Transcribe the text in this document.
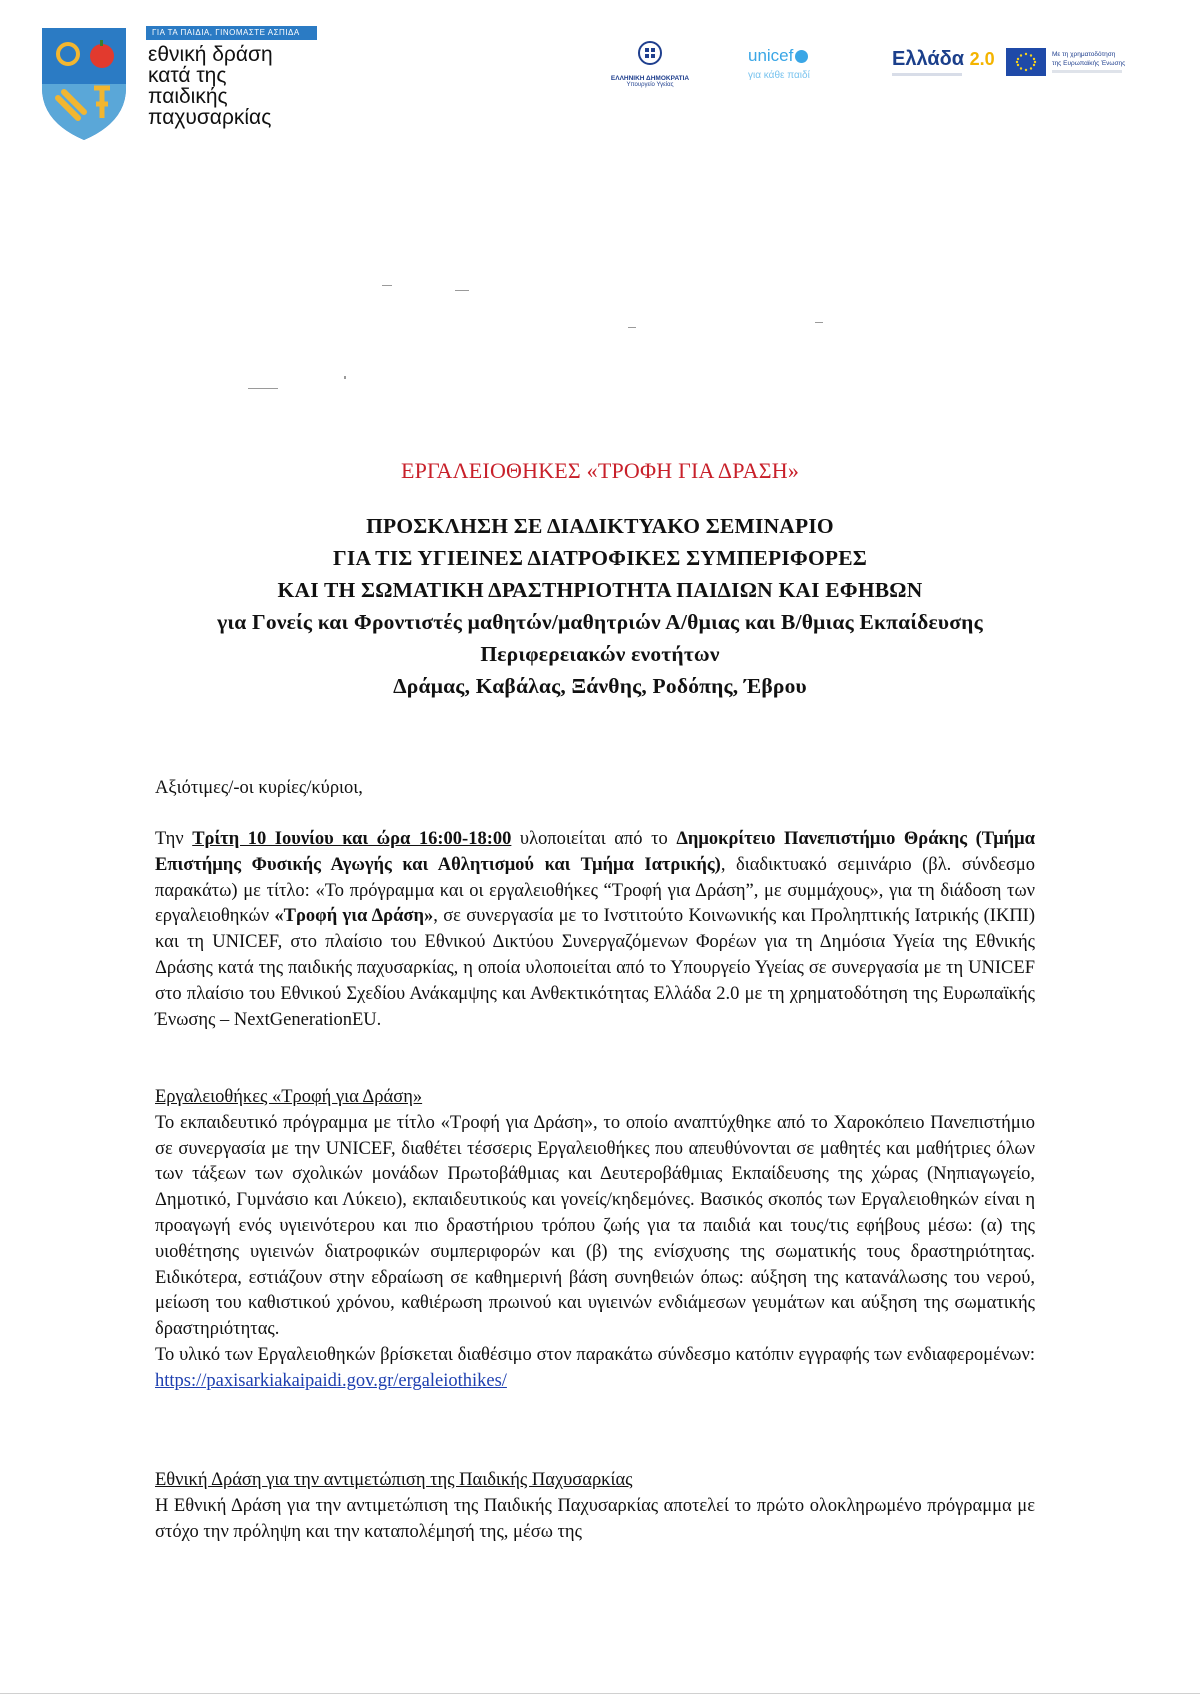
ΓΙΑ ΤΑ ΠΑΙΔΙΑ, ΓΙΝΟΜΑΣΤΕ ΑΣΠΙΔΑ
εθνική δράση
κατά της
παιδικής
παχυσαρκίας
ΕΛΛΗΝΙΚΗ ΔΗΜΟΚΡΑΤΙΑ
Υπουργείο Υγείας
unicef
για κάθε παιδί
Ελλάδα 2.0	Με τη χρηματοδότηση
της Ευρωπαϊκής Ένωσης
ΕΡΓΑΛΕΙΟΘΗΚΕΣ «ΤΡΟΦΗ ΓΙΑ ΔΡΑΣΗ»
ΠΡΟΣΚΛΗΣΗ ΣΕ ΔΙΑΔΙΚΤΥΑΚΟ ΣΕΜΙΝΑΡΙΟ
ΓΙΑ ΤΙΣ ΥΓΙΕΙΝΕΣ ΔΙΑΤΡΟΦΙΚΕΣ ΣΥΜΠΕΡΙΦΟΡΕΣ
ΚΑΙ ΤΗ ΣΩΜΑΤΙΚΗ ΔΡΑΣΤΗΡΙΟΤΗΤΑ ΠΑΙΔΙΩΝ ΚΑΙ ΕΦΗΒΩΝ
για Γονείς και Φροντιστές μαθητών/μαθητριών Α/θμιας και Β/θμιας Εκπαίδευσης
Περιφερειακών ενοτήτων
Δράμας, Καβάλας, Ξάνθης, Ροδόπης, Έβρου
Αξιότιμες/-οι κυρίες/κύριοι,
Την Τρίτη 10 Ιουνίου και ώρα 16:00-18:00 υλοποιείται από το Δημοκρίτειο Πανεπιστήμιο Θράκης (Τμήμα Επιστήμης Φυσικής Αγωγής και Αθλητισμού και Τμήμα Ιατρικής), διαδικτυακό σεμινάριο (βλ. σύνδεσμο παρακάτω) με τίτλο: «Το πρόγραμμα και οι εργαλειοθήκες “Τροφή για Δράση”, με συμμάχους», για τη διάδοση των εργαλειοθηκών «Τροφή για Δράση», σε συνεργασία με το Ινστιτούτο Κοινωνικής και Προληπτικής Ιατρικής (ΙΚΠΙ) και τη UNICEF, στο πλαίσιο του Εθνικού Δικτύου Συνεργαζόμενων Φορέων για τη Δημόσια Υγεία της Εθνικής Δράσης κατά της παιδικής παχυσαρκίας, η οποία υλοποιείται από το Υπουργείο Υγείας σε συνεργασία με τη UNICEF στο πλαίσιο του Εθνικού Σχεδίου Ανάκαμψης και Ανθεκτικότητας Ελλάδα 2.0 με τη χρηματοδότηση της Ευρωπαϊκής Ένωσης – NextGenerationEU.

Εργαλειοθήκες «Τροφή για Δράση»

Το εκπαιδευτικό πρόγραμμα με τίτλο «Τροφή για Δράση», το οποίο αναπτύχθηκε από το Χαροκόπειο Πανεπιστήμιο σε συνεργασία με την UNICEF, διαθέτει τέσσερις Εργαλειοθήκες που απευθύνονται σε μαθητές και μαθήτριες όλων των τάξεων των σχολικών μονάδων Πρωτοβάθμιας και Δευτεροβάθμιας Εκπαίδευσης της χώρας (Νηπιαγωγείο, Δημοτικό, Γυμνάσιο και Λύκειο), εκπαιδευτικούς και γονείς/κηδεμόνες. Βασικός σκοπός των Εργαλειοθηκών είναι η προαγωγή ενός υγιεινότερου και πιο δραστήριου τρόπου ζωής για τα παιδιά και τους/τις εφήβους μέσω: (α) της υιοθέτησης υγιεινών διατροφικών συμπεριφορών και (β) της ενίσχυσης της σωματικής τους δραστηριότητας. Ειδικότερα, εστιάζουν στην εδραίωση σε καθημερινή βάση συνηθειών όπως: αύξηση της κατανάλωσης του νερού, μείωση του καθιστικού χρόνου, καθιέρωση πρωινού και υγιεινών ενδιάμεσων γευμάτων και αύξηση της σωματικής δραστηριότητας.

Το υλικό των Εργαλειοθηκών βρίσκεται διαθέσιμο στον παρακάτω σύνδεσμο κατόπιν εγγραφής των ενδιαφερομένων: https://paxisarkiakaipaidi.gov.gr/ergaleiothikes/

Εθνική Δράση για την αντιμετώπιση της Παιδικής Παχυσαρκίας

Η Εθνική Δράση για την αντιμετώπιση της Παιδικής Παχυσαρκίας αποτελεί το πρώτο ολοκληρωμένο πρόγραμμα με στόχο την πρόληψη και την καταπολέμησή της, μέσω της
